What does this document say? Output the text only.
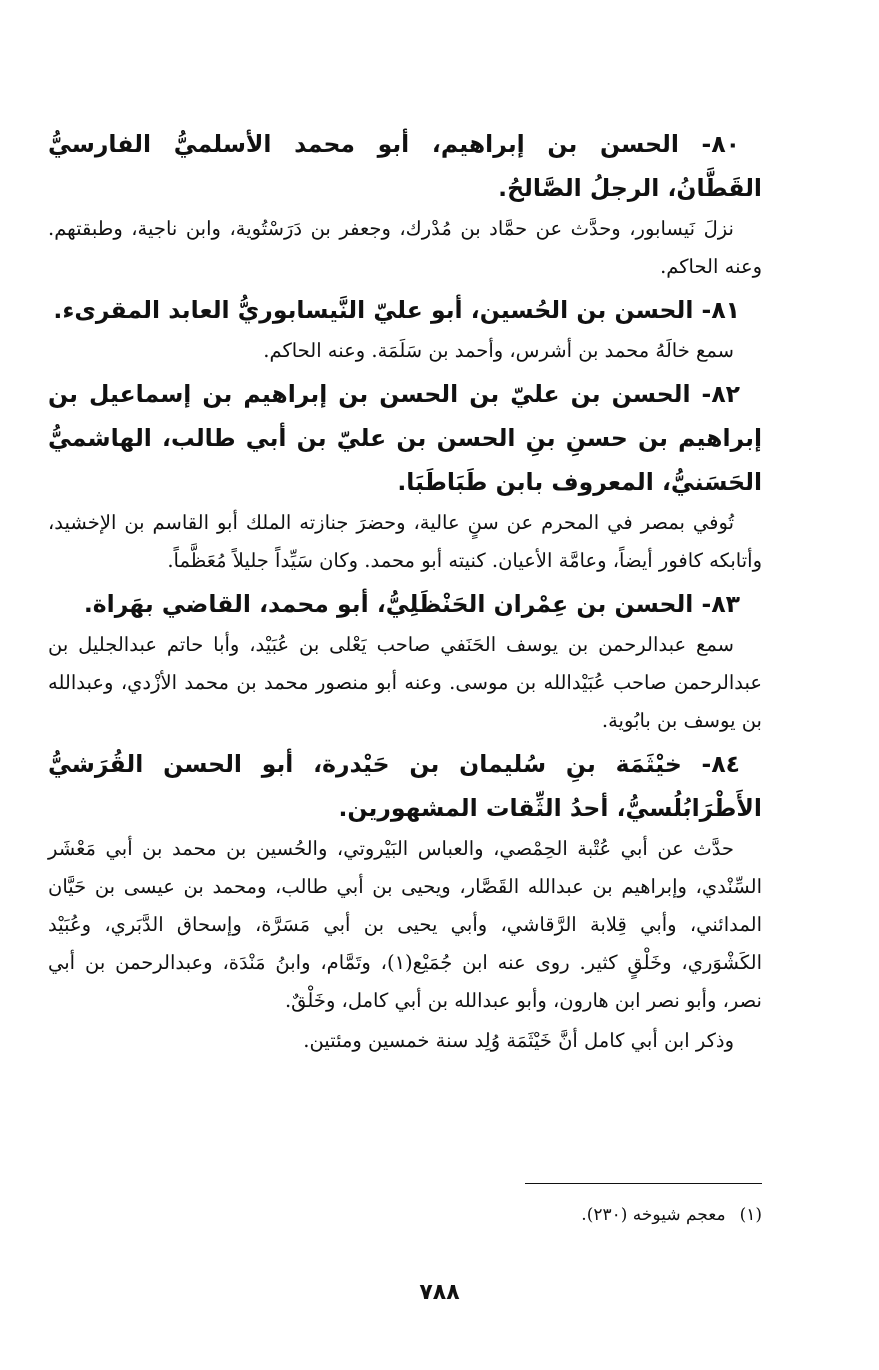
٨٠- الحسن بن إبراهيم، أبو محمد الأسلميُّ الفارسيُّ القَطَّانُ، الرجلُ الصَّالحُ.

نزلَ نَيسابور، وحدَّث عن حمَّاد بن مُدْرك، وجعفر بن دَرَسْتُوية، وابن ناجية، وطبقتهم. وعنه الحاكم.

٨١- الحسن بن الحُسين، أبو عليّ النَّيسابوريُّ العابد المقرىء.

سمع خالَهُ محمد بن أشرس، وأحمد بن سَلَمَة. وعنه الحاكم.

٨٢- الحسن بن عليّ بن الحسن بن إبراهيم بن إسماعيل بن إبراهيم بن حسنِ بنِ الحسن بن عليّ بن أبي طالب، الهاشميُّ الحَسَنيُّ، المعروف بابن طَبَاطَبَا.

تُوفي بمصر في المحرم عن سنٍ عالية، وحضرَ جنازته الملك أبو القاسم بن الإخشيد، وأتابكه كافور أيضاً، وعامَّة الأعيان. كنيته أبو محمد. وكان سَيِّداً جليلاً مُعَظَّماً.

٨٣- الحسن بن عِمْران الحَنْظَلِيُّ، أبو محمد، القاضي بهَراة.

سمع عبدالرحمن بن يوسف الحَنَفي صاحب يَعْلى بن عُبَيْد، وأبا حاتم عبدالجليل بن عبدالرحمن صاحب عُبَيْدالله بن موسى. وعنه أبو منصور محمد بن محمد الأزْدي، وعبدالله بن يوسف بن بابُوية.

٨٤- خيْثَمَة بنِ سُليمان بن حَيْدرة، أبو الحسن القُرَشيُّ الأَطْرَابُلُسيُّ، أحدُ الثِّقات المشهورين.

حدَّث عن أبي عُتْبة الحِمْصي، والعباس البَيْروتي، والحُسين بن محمد بن أبي مَعْشَر السِّنْدي، وإبراهيم بن عبدالله القَصَّار، ويحيى بن أبي طالب، ومحمد بن عيسى بن حَيَّان المدائني، وأبي قِلابة الرَّقاشي، وأبي يحيى بن أبي مَسَرَّة، وإسحاق الدَّبَري، وعُبَيْد الكَشْوَري، وخَلْقٍ كثير. روى عنه ابن جُمَيْع(١)، وتَمَّام، وابنُ مَنْدَة، وعبدالرحمن بن أبي نصر، وأبو نصر ابن هارون، وأبو عبدالله بن أبي كامل، وخَلْقٌ.

وذكر ابن أبي كامل أنَّ خَيْثَمَة وُلِد سنة خمسين ومئتين.

(١)معجم شيوخه (٢٣٠).
٧٨٨
